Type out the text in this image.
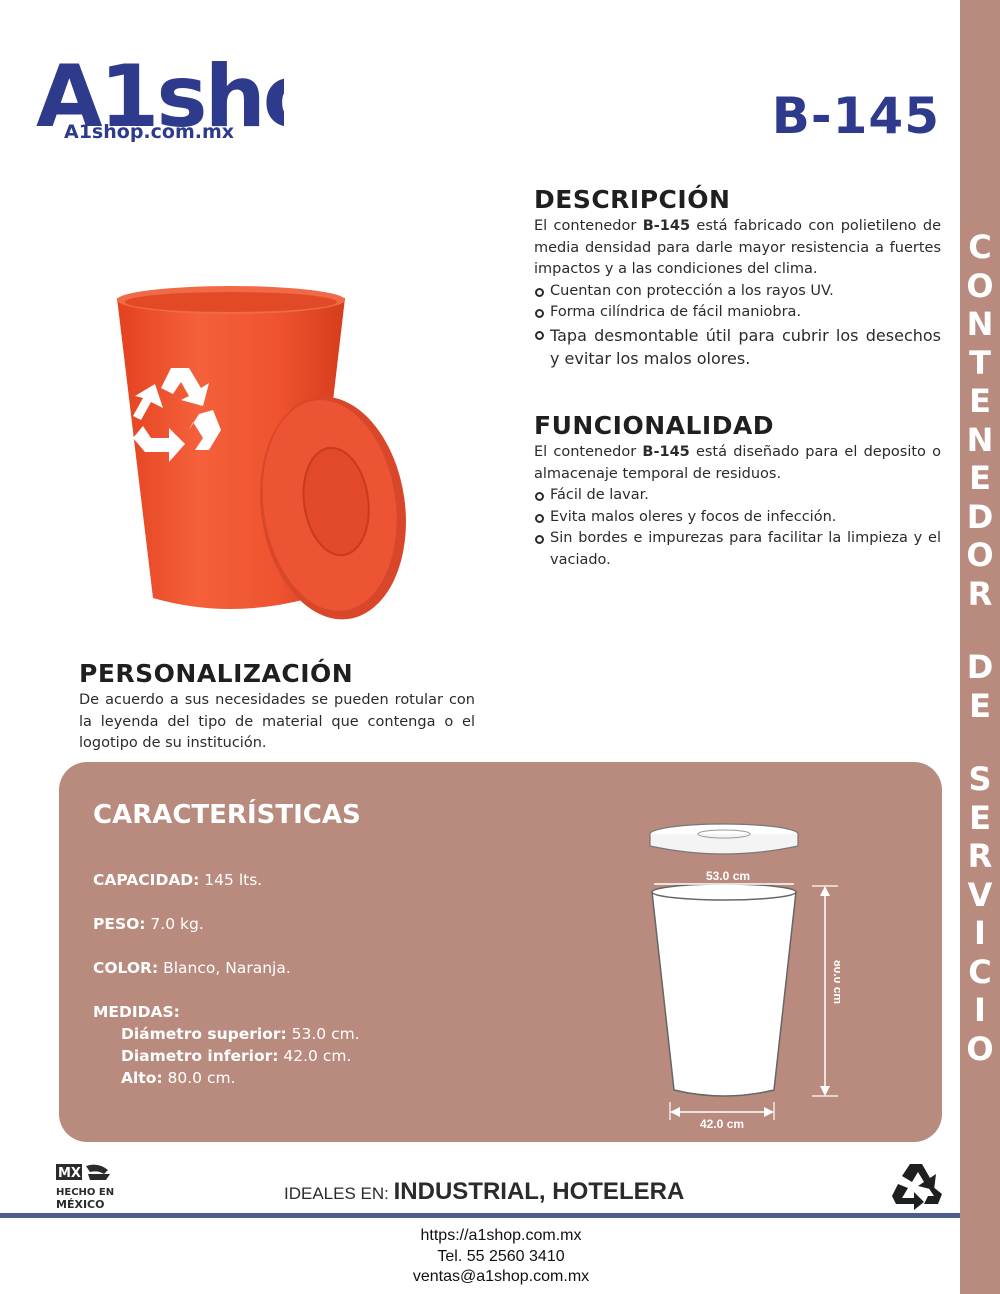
C
O
N
T
E
N
E
D
O
R
D
E
S
E
R
V
I
C
I
O
A1sh
A1shop.com.mx	B-145
DESCRIPCIÓN
El contenedor B-145 está fabricado con polietileno de media densidad para darle mayor resistencia a fuertes impactos y a las condiciones del clima.
Cuentan con protección a los rayos UV.
Forma cilíndrica de fácil maniobra.
Tapa desmontable útil para cubrir los desechos y evitar los malos olores.
FUNCIONALIDAD
El contenedor B-145 está diseñado para el deposito o almacenaje temporal de residuos.
Fácil de lavar.
Evita malos oleres y focos de infección.
Sin bordes e impurezas para facilitar la limpieza y el vaciado.
PERSONALIZACIÓN
De acuerdo a sus necesidades se pueden rotular con la leyenda del tipo de material que contenga o el logotipo de su institución.
CARACTERÍSTICAS
CAPACIDAD: 145 lts.
PESO: 7.0 kg.
COLOR: Blanco, Naranja.
MEDIDAS:
Diámetro superior: 53.0 cm.
Diametro inferior: 42.0 cm.
Alto: 80.0 cm.
53.0 cm
80.0 cm
42.0 cm
MX
HECHO EN
MÉXICO
IDEALES EN: INDUSTRIAL, HOTELERA
https://a1shop.com.mx
Tel. 55 2560 3410
ventas@a1shop.com.mx
